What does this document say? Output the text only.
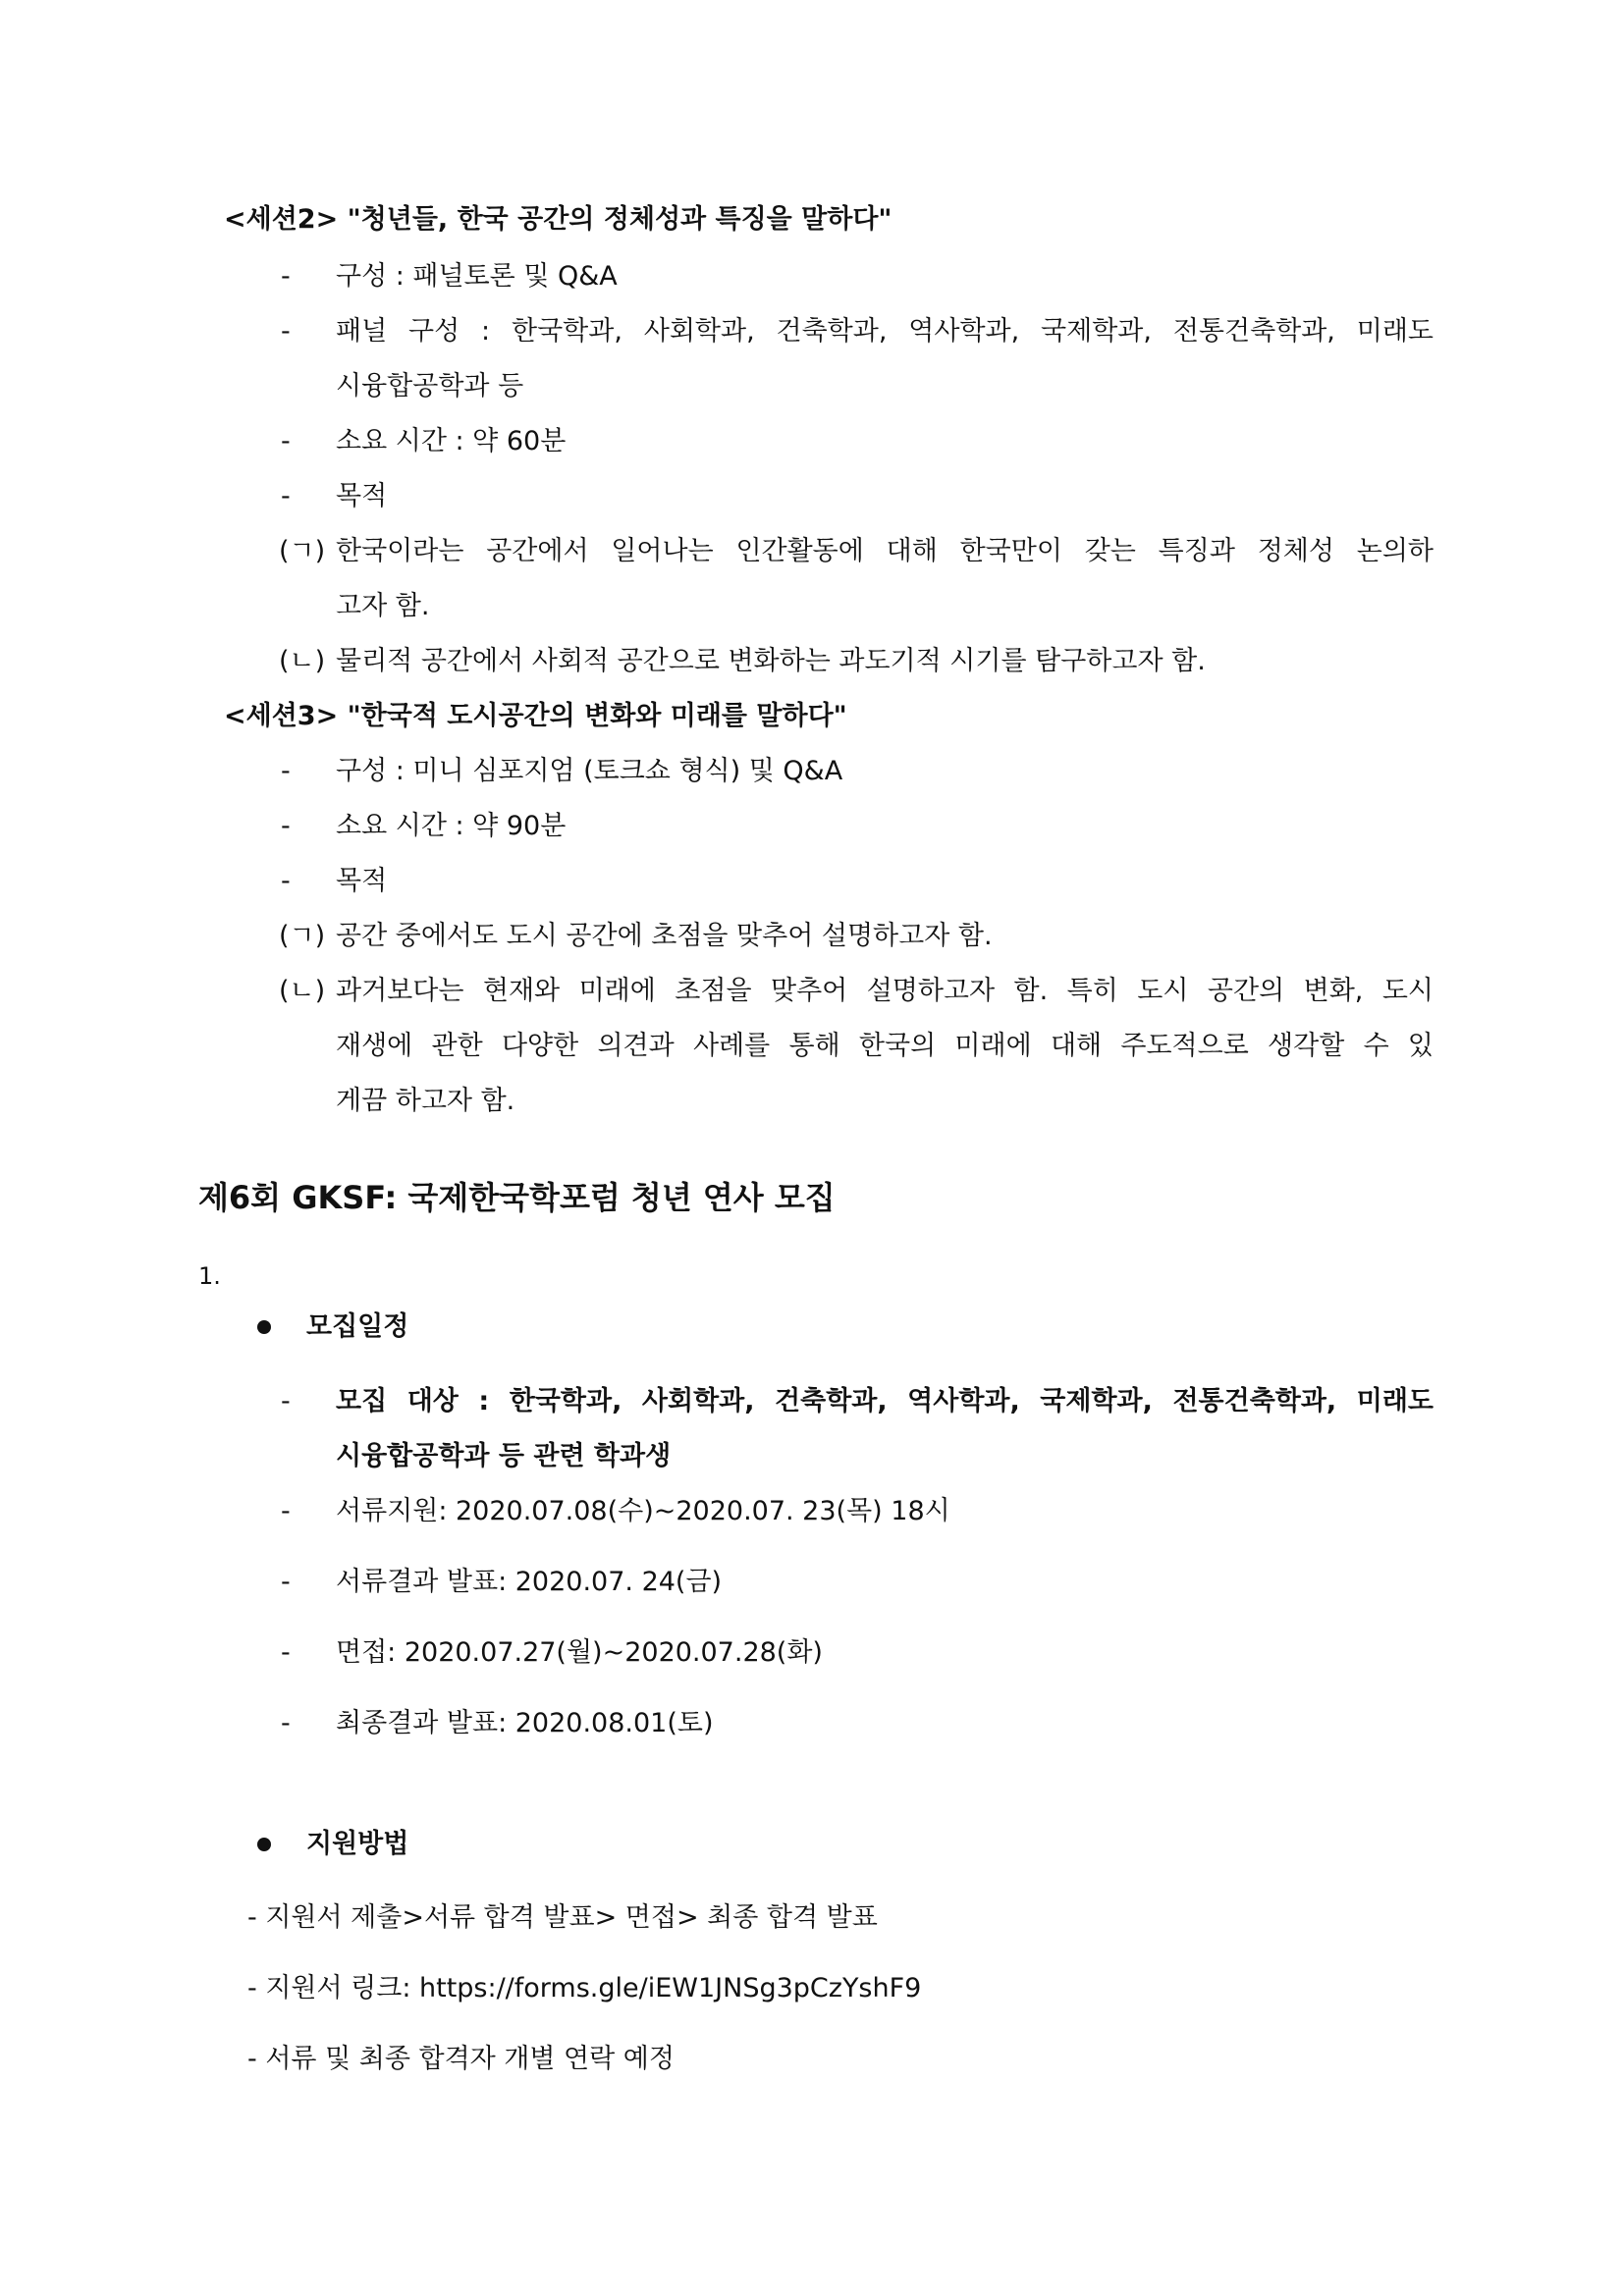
<세션2> "청년들, 한국 공간의 정체성과 특징을 말하다"
- 구성 : 패널토론 및 Q&A
- 패널 구성 : 한국학과, 사회학과, 건축학과, 역사학과, 국제학과, 전통건축학과, 미래도
시융합공학과 등
- 소요 시간 : 약 60분
- 목적
(ㄱ) 한국이라는 공간에서 일어나는 인간활동에 대해 한국만이 갖는 특징과 정체성 논의하
고자 함.
(ㄴ) 물리적 공간에서 사회적 공간으로 변화하는 과도기적 시기를 탐구하고자 함.
<세션3> "한국적 도시공간의 변화와 미래를 말하다"
- 구성 : 미니 심포지엄 (토크쇼 형식) 및 Q&A
- 소요 시간 : 약 90분
- 목적
(ㄱ) 공간 중에서도 도시 공간에 초점을 맞추어 설명하고자 함.
(ㄴ) 과거보다는 현재와 미래에 초점을 맞추어 설명하고자 함. 특히 도시 공간의 변화, 도시
재생에 관한 다양한 의견과 사례를 통해 한국의 미래에 대해 주도적으로 생각할 수 있
게끔 하고자 함.
제6회 GKSF: 국제한국학포럼 청년 연사 모집
1.
모집일정
- 모집 대상 : 한국학과, 사회학과, 건축학과, 역사학과, 국제학과, 전통건축학과, 미래도
시융합공학과 등 관련 학과생
- 서류지원: 2020.07.08(수)~2020.07. 23(목) 18시
- 서류결과 발표: 2020.07. 24(금)
- 면접: 2020.07.27(월)~2020.07.28(화)
- 최종결과 발표: 2020.08.01(토)
지원방법
- 지원서 제출>서류 합격 발표> 면접> 최종 합격 발표
- 지원서 링크: https://forms.gle/iEW1JNSg3pCzYshF9
- 서류 및 최종 합격자 개별 연락 예정
